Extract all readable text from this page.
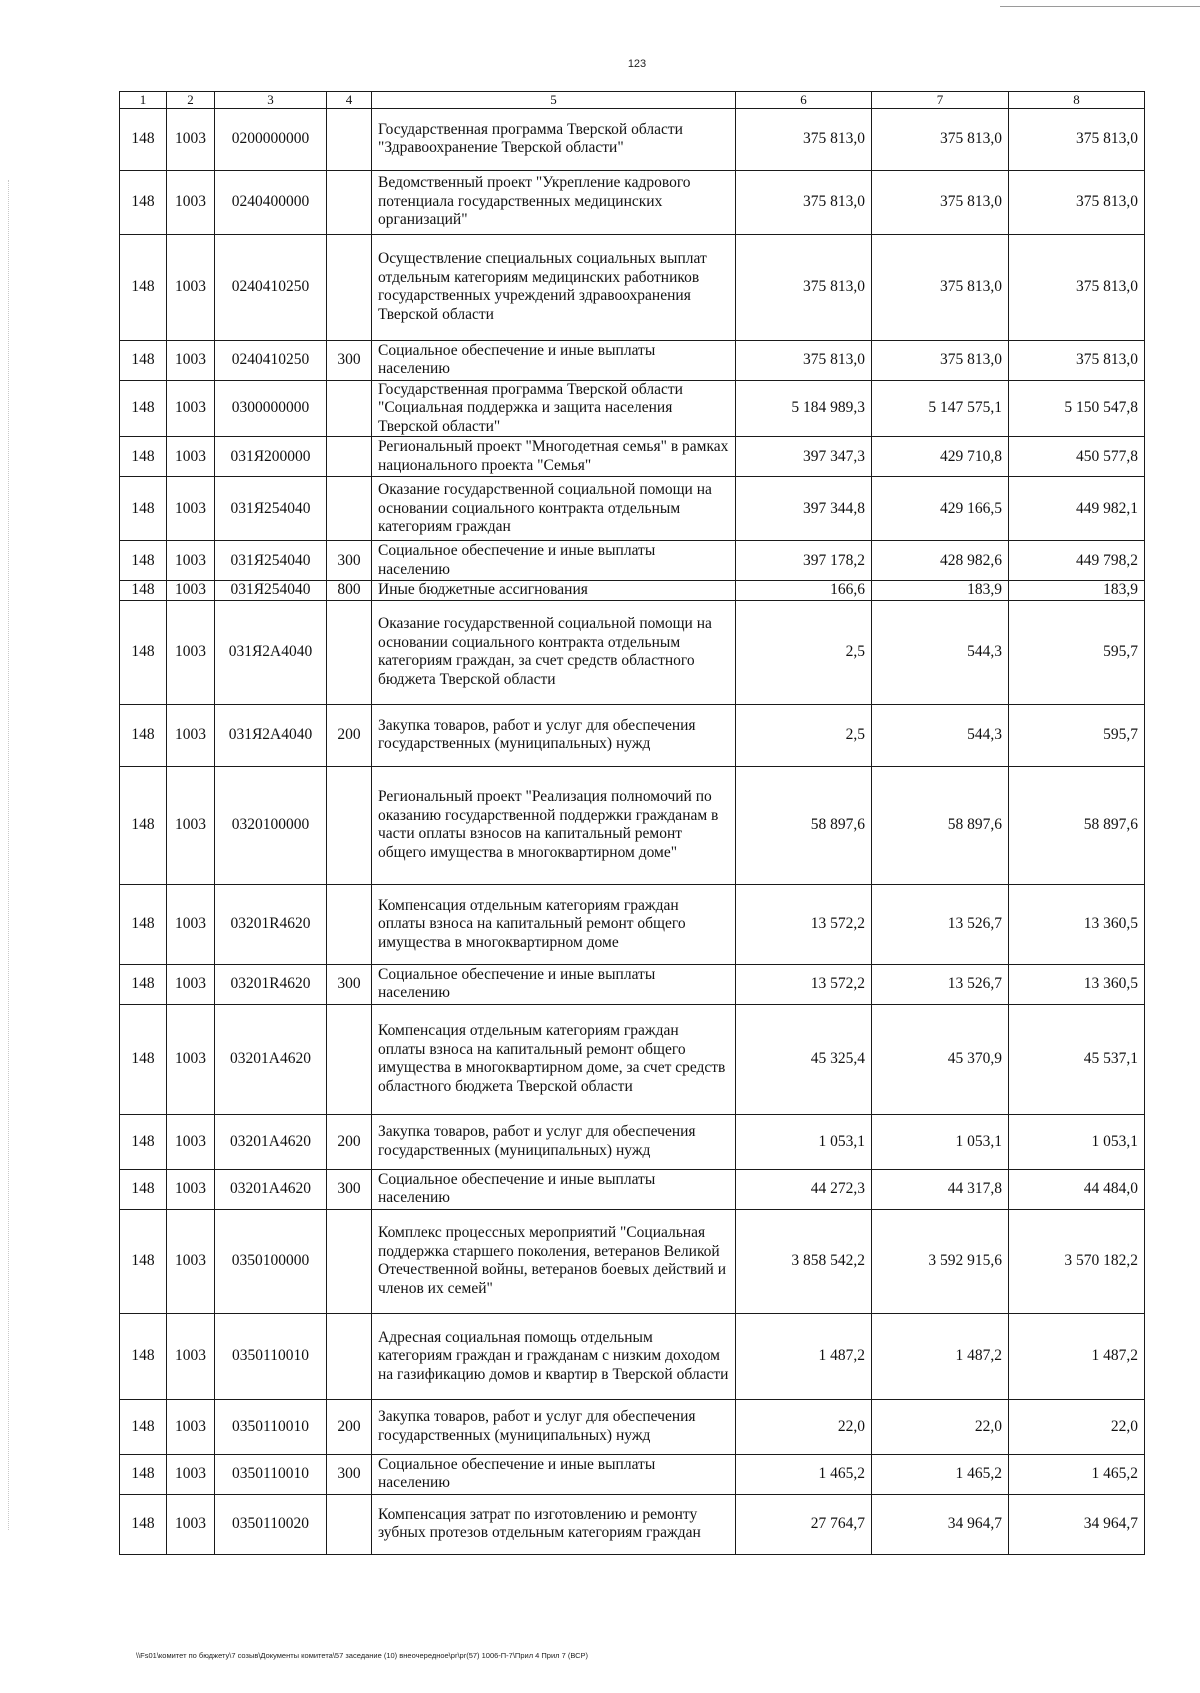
123
1	2	3	4	5	6	7	8
148	1003	0200000000		Государственная программа Тверской области "Здравоохранение Тверской области"	375 813,0	375 813,0	375 813,0
148	1003	0240400000		Ведомственный проект "Укрепление кадрового потенциала государственных медицинских организаций"	375 813,0	375 813,0	375 813,0
148	1003	0240410250		Осуществление специальных социальных выплат отдельным категориям медицинских работников государственных учреждений здравоохранения Тверской области	375 813,0	375 813,0	375 813,0
148	1003	0240410250	300	Социальное обеспечение и иные выплаты населению	375 813,0	375 813,0	375 813,0
148	1003	0300000000		Государственная программа Тверской области "Социальная поддержка и защита населения Тверской области"	5 184 989,3	5 147 575,1	5 150 547,8
148	1003	031Я200000		Региональный проект "Многодетная семья" в рамках национального проекта "Семья"	397 347,3	429 710,8	450 577,8
148	1003	031Я254040		Оказание государственной социальной помощи на основании социального контракта отдельным категориям граждан	397 344,8	429 166,5	449 982,1
148	1003	031Я254040	300	Социальное обеспечение и иные выплаты населению	397 178,2	428 982,6	449 798,2
148	1003	031Я254040	800	Иные бюджетные ассигнования	166,6	183,9	183,9
148	1003	031Я2А4040		Оказание государственной социальной помощи на основании социального контракта отдельным категориям граждан, за счет средств областного бюджета Тверской области	2,5	544,3	595,7
148	1003	031Я2А4040	200	Закупка товаров, работ и услуг для обеспечения государственных (муниципальных) нужд	2,5	544,3	595,7
148	1003	0320100000		Региональный проект "Реализация полномочий по оказанию государственной поддержки гражданам в части оплаты взносов на капитальный ремонт общего имущества в многоквартирном доме"	58 897,6	58 897,6	58 897,6
148	1003	03201R4620		Компенсация отдельным категориям граждан оплаты взноса на капитальный ремонт общего имущества в многоквартирном доме	13 572,2	13 526,7	13 360,5
148	1003	03201R4620	300	Социальное обеспечение и иные выплаты населению	13 572,2	13 526,7	13 360,5
148	1003	03201A4620		Компенсация отдельным категориям граждан оплаты взноса на капитальный ремонт общего имущества в многоквартирном доме, за счет средств областного бюджета Тверской области	45 325,4	45 370,9	45 537,1
148	1003	03201A4620	200	Закупка товаров, работ и услуг для обеспечения государственных (муниципальных) нужд	1 053,1	1 053,1	1 053,1
148	1003	03201A4620	300	Социальное обеспечение и иные выплаты населению	44 272,3	44 317,8	44 484,0
148	1003	0350100000		Комплекс процессных мероприятий "Социальная поддержка старшего поколения, ветеранов Великой Отечественной войны, ветеранов боевых действий и членов их семей"	3 858 542,2	3 592 915,6	3 570 182,2
148	1003	0350110010		Адресная социальная помощь отдельным категориям граждан и гражданам с низким доходом на газификацию домов и квартир в Тверской области	1 487,2	1 487,2	1 487,2
148	1003	0350110010	200	Закупка товаров, работ и услуг для обеспечения государственных (муниципальных) нужд	22,0	22,0	22,0
148	1003	0350110010	300	Социальное обеспечение и иные выплаты населению	1 465,2	1 465,2	1 465,2
148	1003	0350110020		Компенсация затрат по изготовлению и ремонту зубных протезов отдельным категориям граждан	27 764,7	34 964,7	34 964,7
\\Fs01\комитет по бюджету\7 созыв\Документы комитета\57 заседание (10) внеочередное\pr\pr(57) 1006-П-7\Прил 4 Прил 7 (ВСР)
